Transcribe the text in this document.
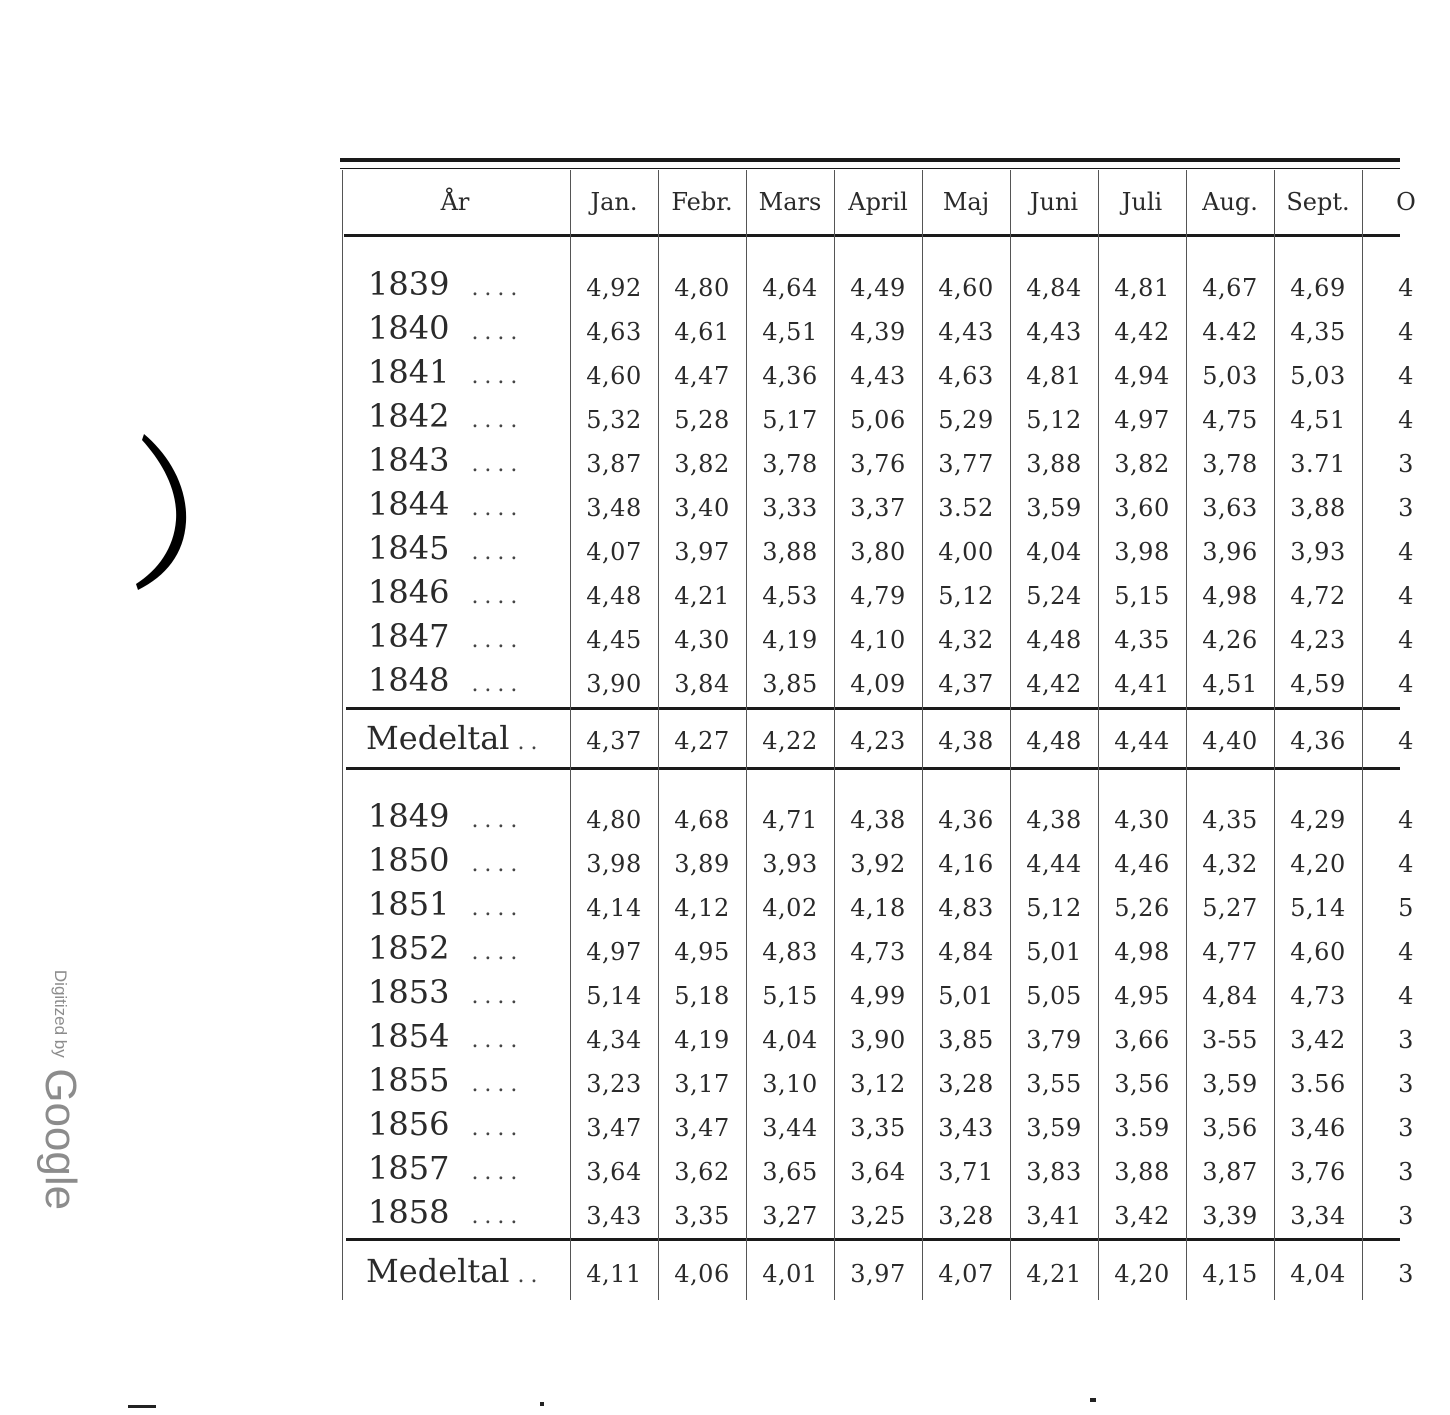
Digitized by Google
År	Jan.	Febr.	Mars	April	Maj	Juni	Juli	Aug.	Sept.	O
1839 ....	4,92	4,80	4,64	4,49	4,60	4,84	4,81	4,67	4,69	4
1840 ....	4,63	4,61	4,51	4,39	4,43	4,43	4,42	4.42	4,35	4
1841 ....	4,60	4,47	4,36	4,43	4,63	4,81	4,94	5,03	5,03	4
1842 ....	5,32	5,28	5,17	5,06	5,29	5,12	4,97	4,75	4,51	4
1843 ....	3,87	3,82	3,78	3,76	3,77	3,88	3,82	3,78	3.71	3
1844 ....	3,48	3,40	3,33	3,37	3.52	3,59	3,60	3,63	3,88	3
1845 ....	4,07	3,97	3,88	3,80	4,00	4,04	3,98	3,96	3,93	4
1846 ....	4,48	4,21	4,53	4,79	5,12	5,24	5,15	4,98	4,72	4
1847 ....	4,45	4,30	4,19	4,10	4,32	4,48	4,35	4,26	4,23	4
1848 ....	3,90	3,84	3,85	4,09	4,37	4,42	4,41	4,51	4,59	4
Medeltal ..	4,37	4,27	4,22	4,23	4,38	4,48	4,44	4,40	4,36	4
1849 ....	4,80	4,68	4,71	4,38	4,36	4,38	4,30	4,35	4,29	4
1850 ....	3,98	3,89	3,93	3,92	4,16	4,44	4,46	4,32	4,20	4
1851 ....	4,14	4,12	4,02	4,18	4,83	5,12	5,26	5,27	5,14	5
1852 ....	4,97	4,95	4,83	4,73	4,84	5,01	4,98	4,77	4,60	4
1853 ....	5,14	5,18	5,15	4,99	5,01	5,05	4,95	4,84	4,73	4
1854 ....	4,34	4,19	4,04	3,90	3,85	3,79	3,66	3-55	3,42	3
1855 ....	3,23	3,17	3,10	3,12	3,28	3,55	3,56	3,59	3.56	3
1856 ....	3,47	3,47	3,44	3,35	3,43	3,59	3.59	3,56	3,46	3
1857 ....	3,64	3,62	3,65	3,64	3,71	3,83	3,88	3,87	3,76	3
1858 ....	3,43	3,35	3,27	3,25	3,28	3,41	3,42	3,39	3,34	3
Medeltal ..	4,11	4,06	4,01	3,97	4,07	4,21	4,20	4,15	4,04	3
